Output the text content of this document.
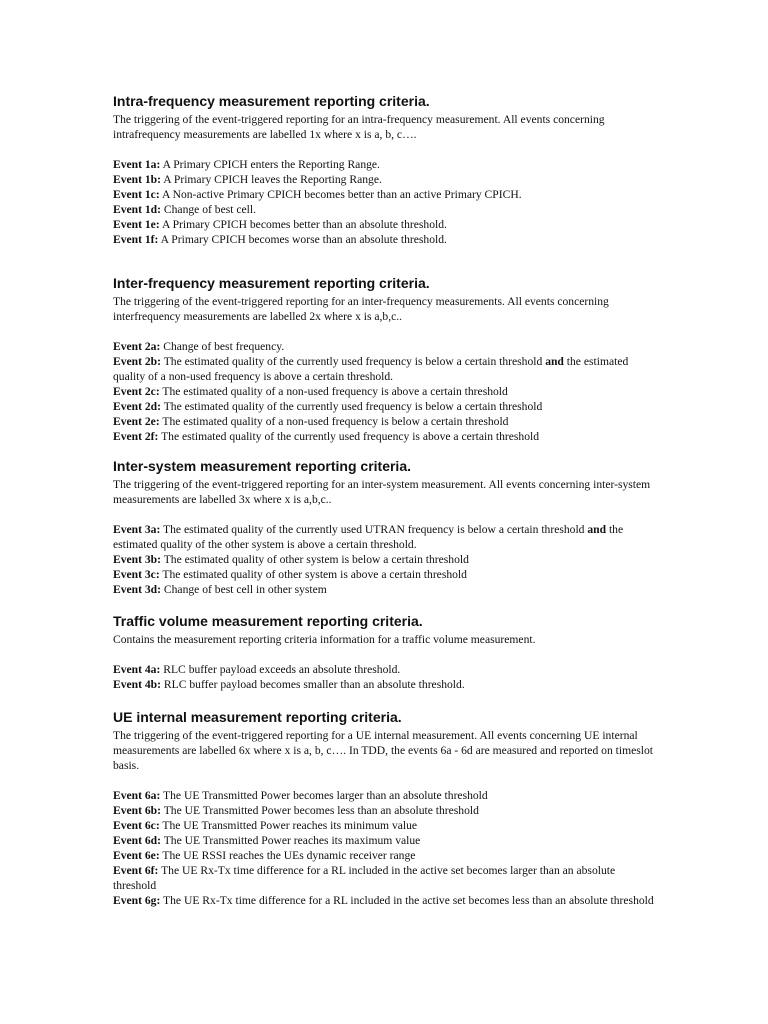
Intra-frequency measurement reporting criteria.

The triggering of the event-triggered reporting for an intra-frequency measurement. All events concerning intrafrequency measurements are labelled 1x where x is a, b, c….

Event 1a: A Primary CPICH enters the Reporting Range.
Event 1b: A Primary CPICH leaves the Reporting Range.
Event 1c: A Non-active Primary CPICH becomes better than an active Primary CPICH.
Event 1d: Change of best cell.
Event 1e: A Primary CPICH becomes better than an absolute threshold.
Event 1f: A Primary CPICH becomes worse than an absolute threshold.
Inter-frequency measurement reporting criteria.

The triggering of the event-triggered reporting for an inter-frequency measurements. All events concerning interfrequency measurements are labelled 2x where x is a,b,c..

Event 2a: Change of best frequency.
Event 2b: The estimated quality of the currently used frequency is below a certain threshold and the estimated quality of a non-used frequency is above a certain threshold.
Event 2c: The estimated quality of a non-used frequency is above a certain threshold
Event 2d: The estimated quality of the currently used frequency is below a certain threshold
Event 2e: The estimated quality of a non-used frequency is below a certain threshold
Event 2f: The estimated quality of the currently used frequency is above a certain threshold
Inter-system measurement reporting criteria.

The triggering of the event-triggered reporting for an inter-system measurement. All events concerning inter-system measurements are labelled 3x where x is a,b,c..

Event 3a: The estimated quality of the currently used UTRAN frequency is below a certain threshold and the estimated quality of the other system is above a certain threshold.
Event 3b: The estimated quality of other system is below a certain threshold
Event 3c: The estimated quality of other system is above a certain threshold
Event 3d: Change of best cell in other system
Traffic volume measurement reporting criteria.

Contains the measurement reporting criteria information for a traffic volume measurement.

Event 4a: RLC buffer payload exceeds an absolute threshold.
Event 4b: RLC buffer payload becomes smaller than an absolute threshold.
UE internal measurement reporting criteria.

The triggering of the event-triggered reporting for a UE internal measurement. All events concerning UE internal measurements are labelled 6x where x is a, b, c…. In TDD, the events 6a - 6d are measured and reported on timeslot basis.

Event 6a: The UE Transmitted Power becomes larger than an absolute threshold
Event 6b: The UE Transmitted Power becomes less than an absolute threshold
Event 6c: The UE Transmitted Power reaches its minimum value
Event 6d: The UE Transmitted Power reaches its maximum value
Event 6e: The UE RSSI reaches the UEs dynamic receiver range
Event 6f: The UE Rx-Tx time difference for a RL included in the active set becomes larger than an absolute threshold
Event 6g: The UE Rx-Tx time difference for a RL included in the active set becomes less than an absolute threshold
